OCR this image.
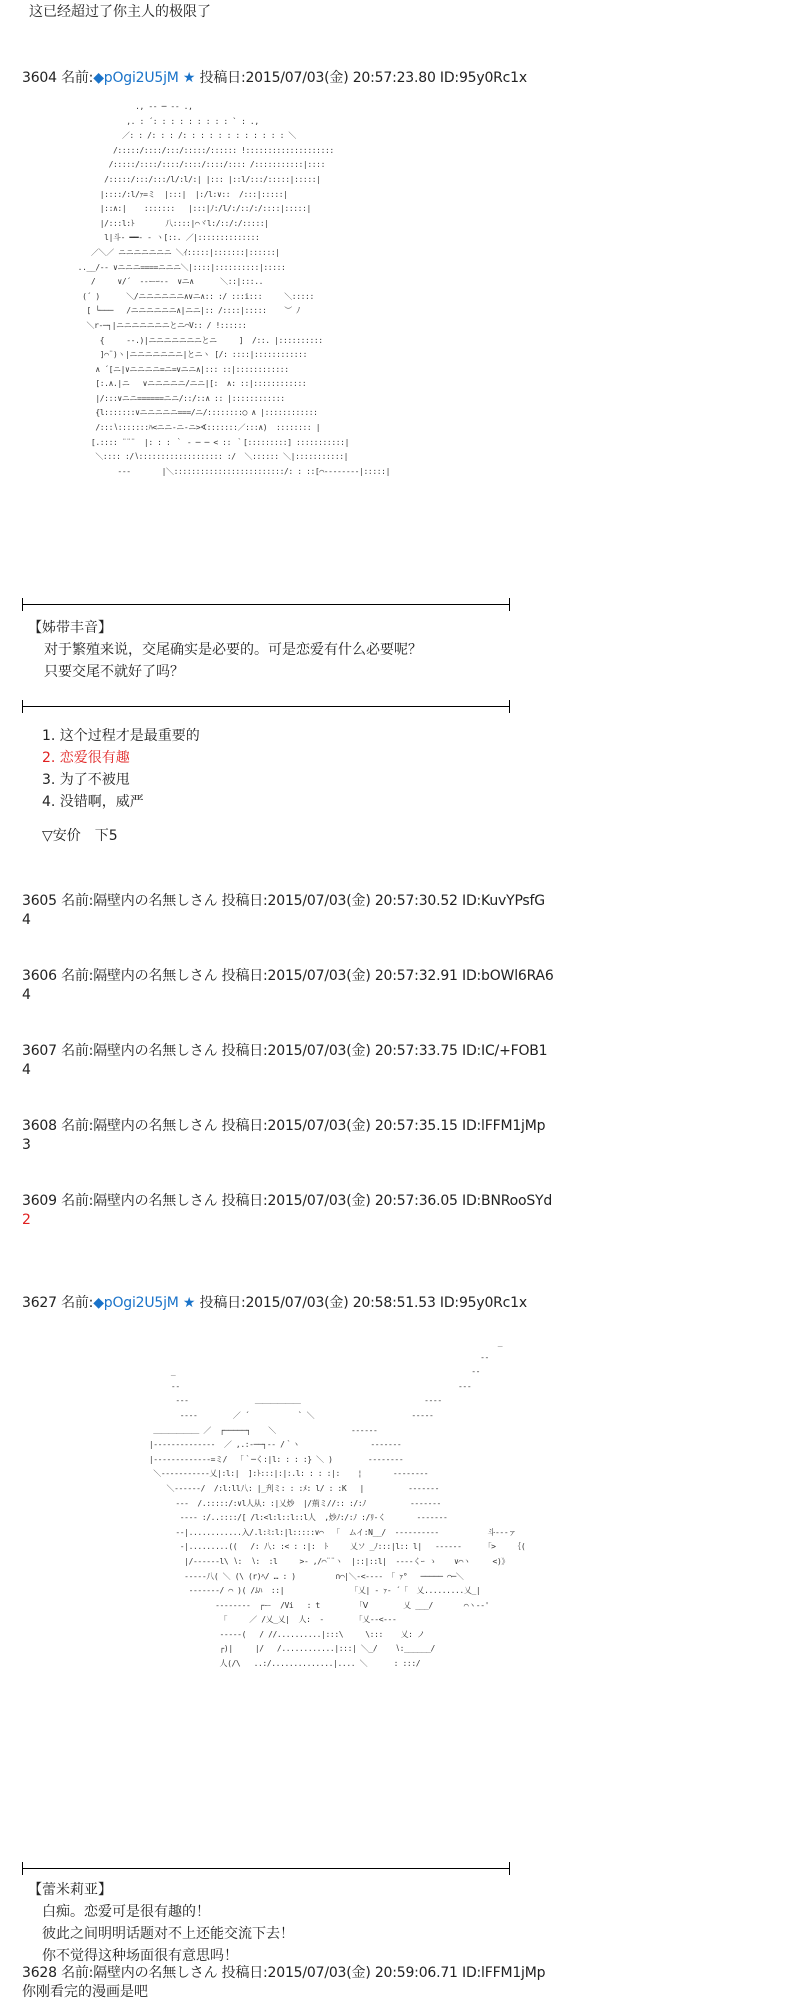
这已经超过了你主人的极限了
3604 名前:◆pOgi2U5jM ★ 投稿日:2015/07/03(金) 20:57:23.80 ID:95y0Rc1x
., -‐ ─ ‐- .,
,. : ´: : : : : : : : : ` : .,
／: : /: : : /: : : : : : : : : : : : ＼
/:::::/::::/:::/:::::/:::::: !::::::::::::::::::::
/:::::/::::/::::/::::/::::/:::: /:::::::::::|::::
/:::::/:::/:::/l/:l/:| |::: |::l/:::/:::::|:::::|
|::::/:l/ｧ=ミ  |:::|  |:/l:∨::  /:::|:::::|
|::∧:|    :::::::   |:::|ﾉ:/l/:/::/:/::::|:::::|
|/:::l:ﾄ       八::::|⌒ヾl:/::/:/:::::|
l|斗‐ ━━‐ ‐ ヽ[::. ／|::::::::::::::
／＼／ ニニニニニニニ ＼ｲ:::::|:::::::|::::::|
..__/‐- ∨ニニニ====ニニニ＼|::::|::::::::::|:::::
/     ∨/´  -‐ーｰ‐-  ∨ニ∧      ＼::|:::..
(´ )      ＼/ニニニニニニ∧∨ニ∧:: :/ :::i:::     ＼:::::
[ └───   /ニニニニニニ∧|ニニ|:: /::::|:::::    ︶ ﾉ
＼r‐─┐|ニニニニニニニとニ⌒V:: / !::::::
{     ‐-.)|ニニニニニニニとニ     ]  /::. |::::::::::
]⌒¨)ヽ|ニニニニニニニ|とニヽ [/: ::::|::::::::::::
∧ ´[ニ|∨ニニニニ=ニ=∨ニニ∧|::: ::|::::::::::::
[:.∧.|ニ   ∨ニニニニニ/ニニ|[:  ∧: ::|::::::::::::
|/:::∨ニニ======ニニ/::/::∧ :: |::::::::::::
{l:::::::∨ニニニニニ===/ニ/::::::::◯ ∧ |::::::::::::
/:::∖:::::::ﾊ<ニニ-ニ-ニ>∢:::::::／:::∧)  :::::::: |
[.:::: ¨¨¨  |: : : ｀ ‐ ─ ─ < :: ｀[:::::::::] :::::::::::|
＼:::: :/∖::::::::::::::::::: :/  ＼:::::: ＼|:::::::::::|
‐‐‐       |＼:::::::::::::::::::::::::/: : ::[⌒‐‐‐‐‐‐‐‐|:::::|
【姊带丰音】
对于繁殖来说，交尾确实是必要的。可是恋爱有什么必要呢？
只要交尾不就好了吗？
1. 这个过程才是最重要的
2. 恋爱很有趣
3. 为了不被甩
4. 没错啊，威严
▽安价　下5
3605 名前:隔壁内の名無しさん 投稿日:2015/07/03(金) 20:57:30.52 ID:KuvYPsfG
4
3606 名前:隔壁内の名無しさん 投稿日:2015/07/03(金) 20:57:32.91 ID:bOWl6RA6
4
3607 名前:隔壁内の名無しさん 投稿日:2015/07/03(金) 20:57:33.75 ID:IC/+FOB1
4
3608 名前:隔壁内の名無しさん 投稿日:2015/07/03(金) 20:57:35.15 ID:lFFM1jMp
3
3609 名前:隔壁内の名無しさん 投稿日:2015/07/03(金) 20:57:36.05 ID:BNRooSYd
2
3627 名前:◆pOgi2U5jM ★ 投稿日:2015/07/03(金) 20:58:51.53 ID:95y0Rc1x
_
‐‐
_                                                                   ‐‐
‐‐                                                               ‐‐‐
‐‐‐               ＿＿＿＿＿＿                            ‐‐‐‐
‐‐‐‐        ／ ´           ` ＼                      ‐‐‐‐‐
＿＿＿＿＿＿ ／  ┌─────┐    ＼                 ‐‐‐‐‐‐
|‐‐‐‐‐‐‐‐‐‐‐‐‐‐  ／ ,.:-──┐‐‐ /｀ヽ                ‐‐‐‐‐‐‐
|‐‐‐‐‐‐‐‐‐‐‐‐-=ミ/  「｀─く:|l: : : :} ＼ )        ‐‐‐‐‐‐‐‐
＼‐‐‐‐‐‐‐‐‐‐‐乂|:l:|  ]:ﾄ:::|:|:.l: : : :|:    ¦       ‐‐‐‐‐‐‐‐
＼‐‐‐‐‐‐/  /:l:ll八: |_刋ミ: : :ﾒ: l/ : :K   |          ‐‐‐‐‐‐‐
‐‐‐  /.:::::/:∨l人从: :|乂炒  |/荊ミ//:: :/:ﾉ          ‐‐‐‐‐‐‐
‐‐‐‐ :/..::::/[ /l:<l:l::l::l人  ,炒ﾉ:/:ﾉ :/ﾘ‐く       ‐‐‐‐‐‐‐
‐‐|............入/.l:ﾐ:l:|l:::::∨⌒  「  ムイ:N__/  ‐‐‐‐‐‐‐‐‐‐           斗‐‐‐ァ
‐|.........((   /: 八: :< : :|:  ﾄ     乂ソ _ﾉ:::|l:: l|   ‐‐‐‐‐‐     「>    ｛(
|/‐‐‐‐‐‐l\ ∖:  ∖:  :l     >‐ ,/⌒¨¨ヽ  |::|::l|  ‐‐‐‐くｰ ゝ    ∨⌒ヽ     <)》
‐‐‐‐‐八( ＼ (\ (r)ﾍ/ … : )         ∩⌒|＼‐<‐‐‐‐ 「 ｧ°   ───── ⌒─＼
‐‐‐‐‐‐‐/ ⌒ )( /ﾑﾊ  ::|               「乂| ‐ ｧ‐ ´「  乂.........乂_|
‐‐‐‐‐‐‐‐  ┌ー  /Vi   : t        「Ⅴ        乂 ___/       ⌒ヽ‐-'
「     ／ /乂_乂|  人:  ‐       「乂‐‐<‐‐‐
‐‐‐‐‐(   / //..........|:::\     \:::    乂: ノ
┌)|     |/   /............|:::| ＼_/    ∖:______/
人(/\   ..:/..............|.... ＼      : :::/
【蕾米莉亚】
白痴。恋爱可是很有趣的！
彼此之间明明话题对不上还能交流下去！
你不觉得这种场面很有意思吗！
3628 名前:隔壁内の名無しさん 投稿日:2015/07/03(金) 20:59:06.71 ID:lFFM1jMp
你刚看完的漫画是吧
